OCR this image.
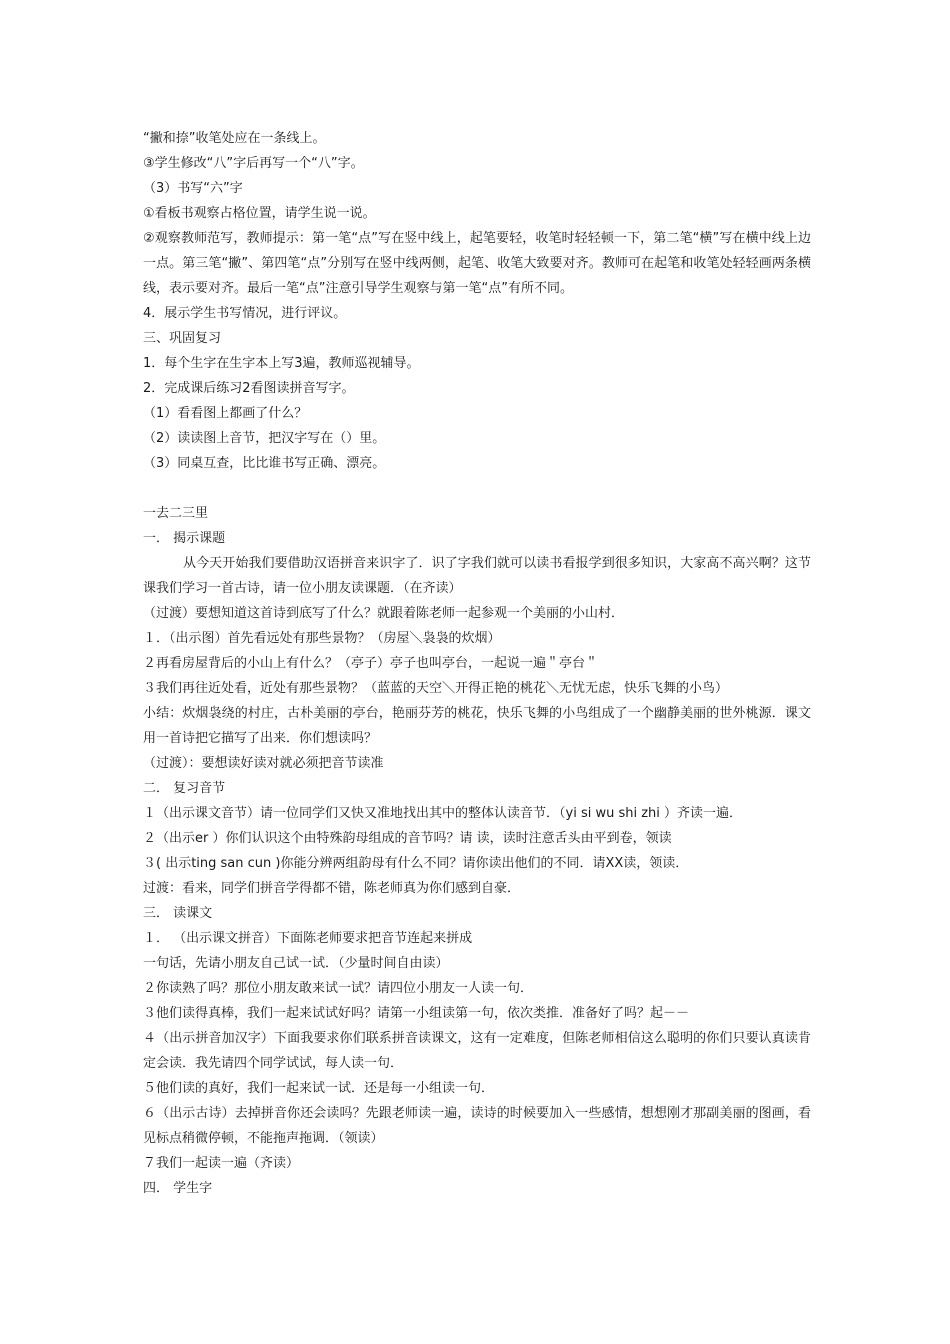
“撇和捺”收笔处应在一条线上。
③学生修改“八”字后再写一个“八”字。
（3）书写“六”字
①看板书观察占格位置，请学生说一说。
②观察教师范写，教师提示：第一笔“点”写在竖中线上，起笔要轻，收笔时轻轻顿一下，第二笔“横”写在横中线上边一点。第三笔“撇”、第四笔“点”分别写在竖中线两侧，起笔、收笔大致要对齐。教师可在起笔和收笔处轻轻画两条横线，表示要对齐。最后一笔“点”注意引导学生观察与第一笔“点”有所不同。
4．展示学生书写情况，进行评议。
三、巩固复习
1．每个生字在生字本上写3遍，教师巡视辅导。
2．完成课后练习2看图读拼音写字。
（1）看看图上都画了什么？
（2）读读图上音节，把汉字写在（）里。
（3）同桌互查，比比谁书写正确、漂亮。
一去二三里
一． 揭示课题
从今天开始我们要借助汉语拼音来识字了．识了字我们就可以读书看报学到很多知识，大家高不高兴啊？这节课我们学习一首古诗，请一位小朋友读课题．（在齐读）
（过渡）要想知道这首诗到底写了什么？就跟着陈老师一起参观一个美丽的小山村．
１．（出示图）首先看远处有那些景物？（房屋＼袅袅的炊烟）
２再看房屋背后的小山上有什么？（亭子）亭子也叫亭台，一起说一遍＂亭台＂
３我们再往近处看，近处有那些景物？（蓝蓝的天空＼开得正艳的桃花＼无忧无虑，快乐飞舞的小鸟）
小结：炊烟袅绕的村庄，古朴美丽的亭台，艳丽芬芳的桃花，快乐飞舞的小鸟组成了一个幽静美丽的世外桃源．课文用一首诗把它描写了出来．你们想读吗？
（过渡）：要想读好读对就必须把音节读准
二． 复习音节
１（出示课文音节）请一位同学们又快又准地找出其中的整体认读音节．（yi si wu shi zhi ）齐读一遍．
２（出示er ）你们认识这个由特殊韵母组成的音节吗？请 读，读时注意舌头由平到卷，领读
３( 出示ting san cun )你能分辨两组韵母有什么不同？请你读出他们的不同．请XX读，领读．
过渡：看来，同学们拼音学得都不错，陈老师真为你们感到自豪．
三． 读课文
１． （出示课文拼音）下面陈老师要求把音节连起来拼成
一句话，先请小朋友自己试一试．（少量时间自由读）
２你读熟了吗？那位小朋友敢来试一试？请四位小朋友一人读一句．
３他们读得真棒，我们一起来试试好吗？请第一小组读第一句，依次类推．准备好了吗？起－－
４（出示拼音加汉字）下面我要求你们联系拼音读课文，这有一定难度，但陈老师相信这么聪明的你们只要认真读肯定会读．我先请四个同学试试，每人读一句．
５他们读的真好，我们一起来试一试．还是每一小组读一句．
６（出示古诗）去掉拼音你还会读吗？先跟老师读一遍，读诗的时候要加入一些感情，想想刚才那副美丽的图画，看见标点稍微停顿，不能拖声拖调．（领读）
７我们一起读一遍（齐读）
四． 学生字
